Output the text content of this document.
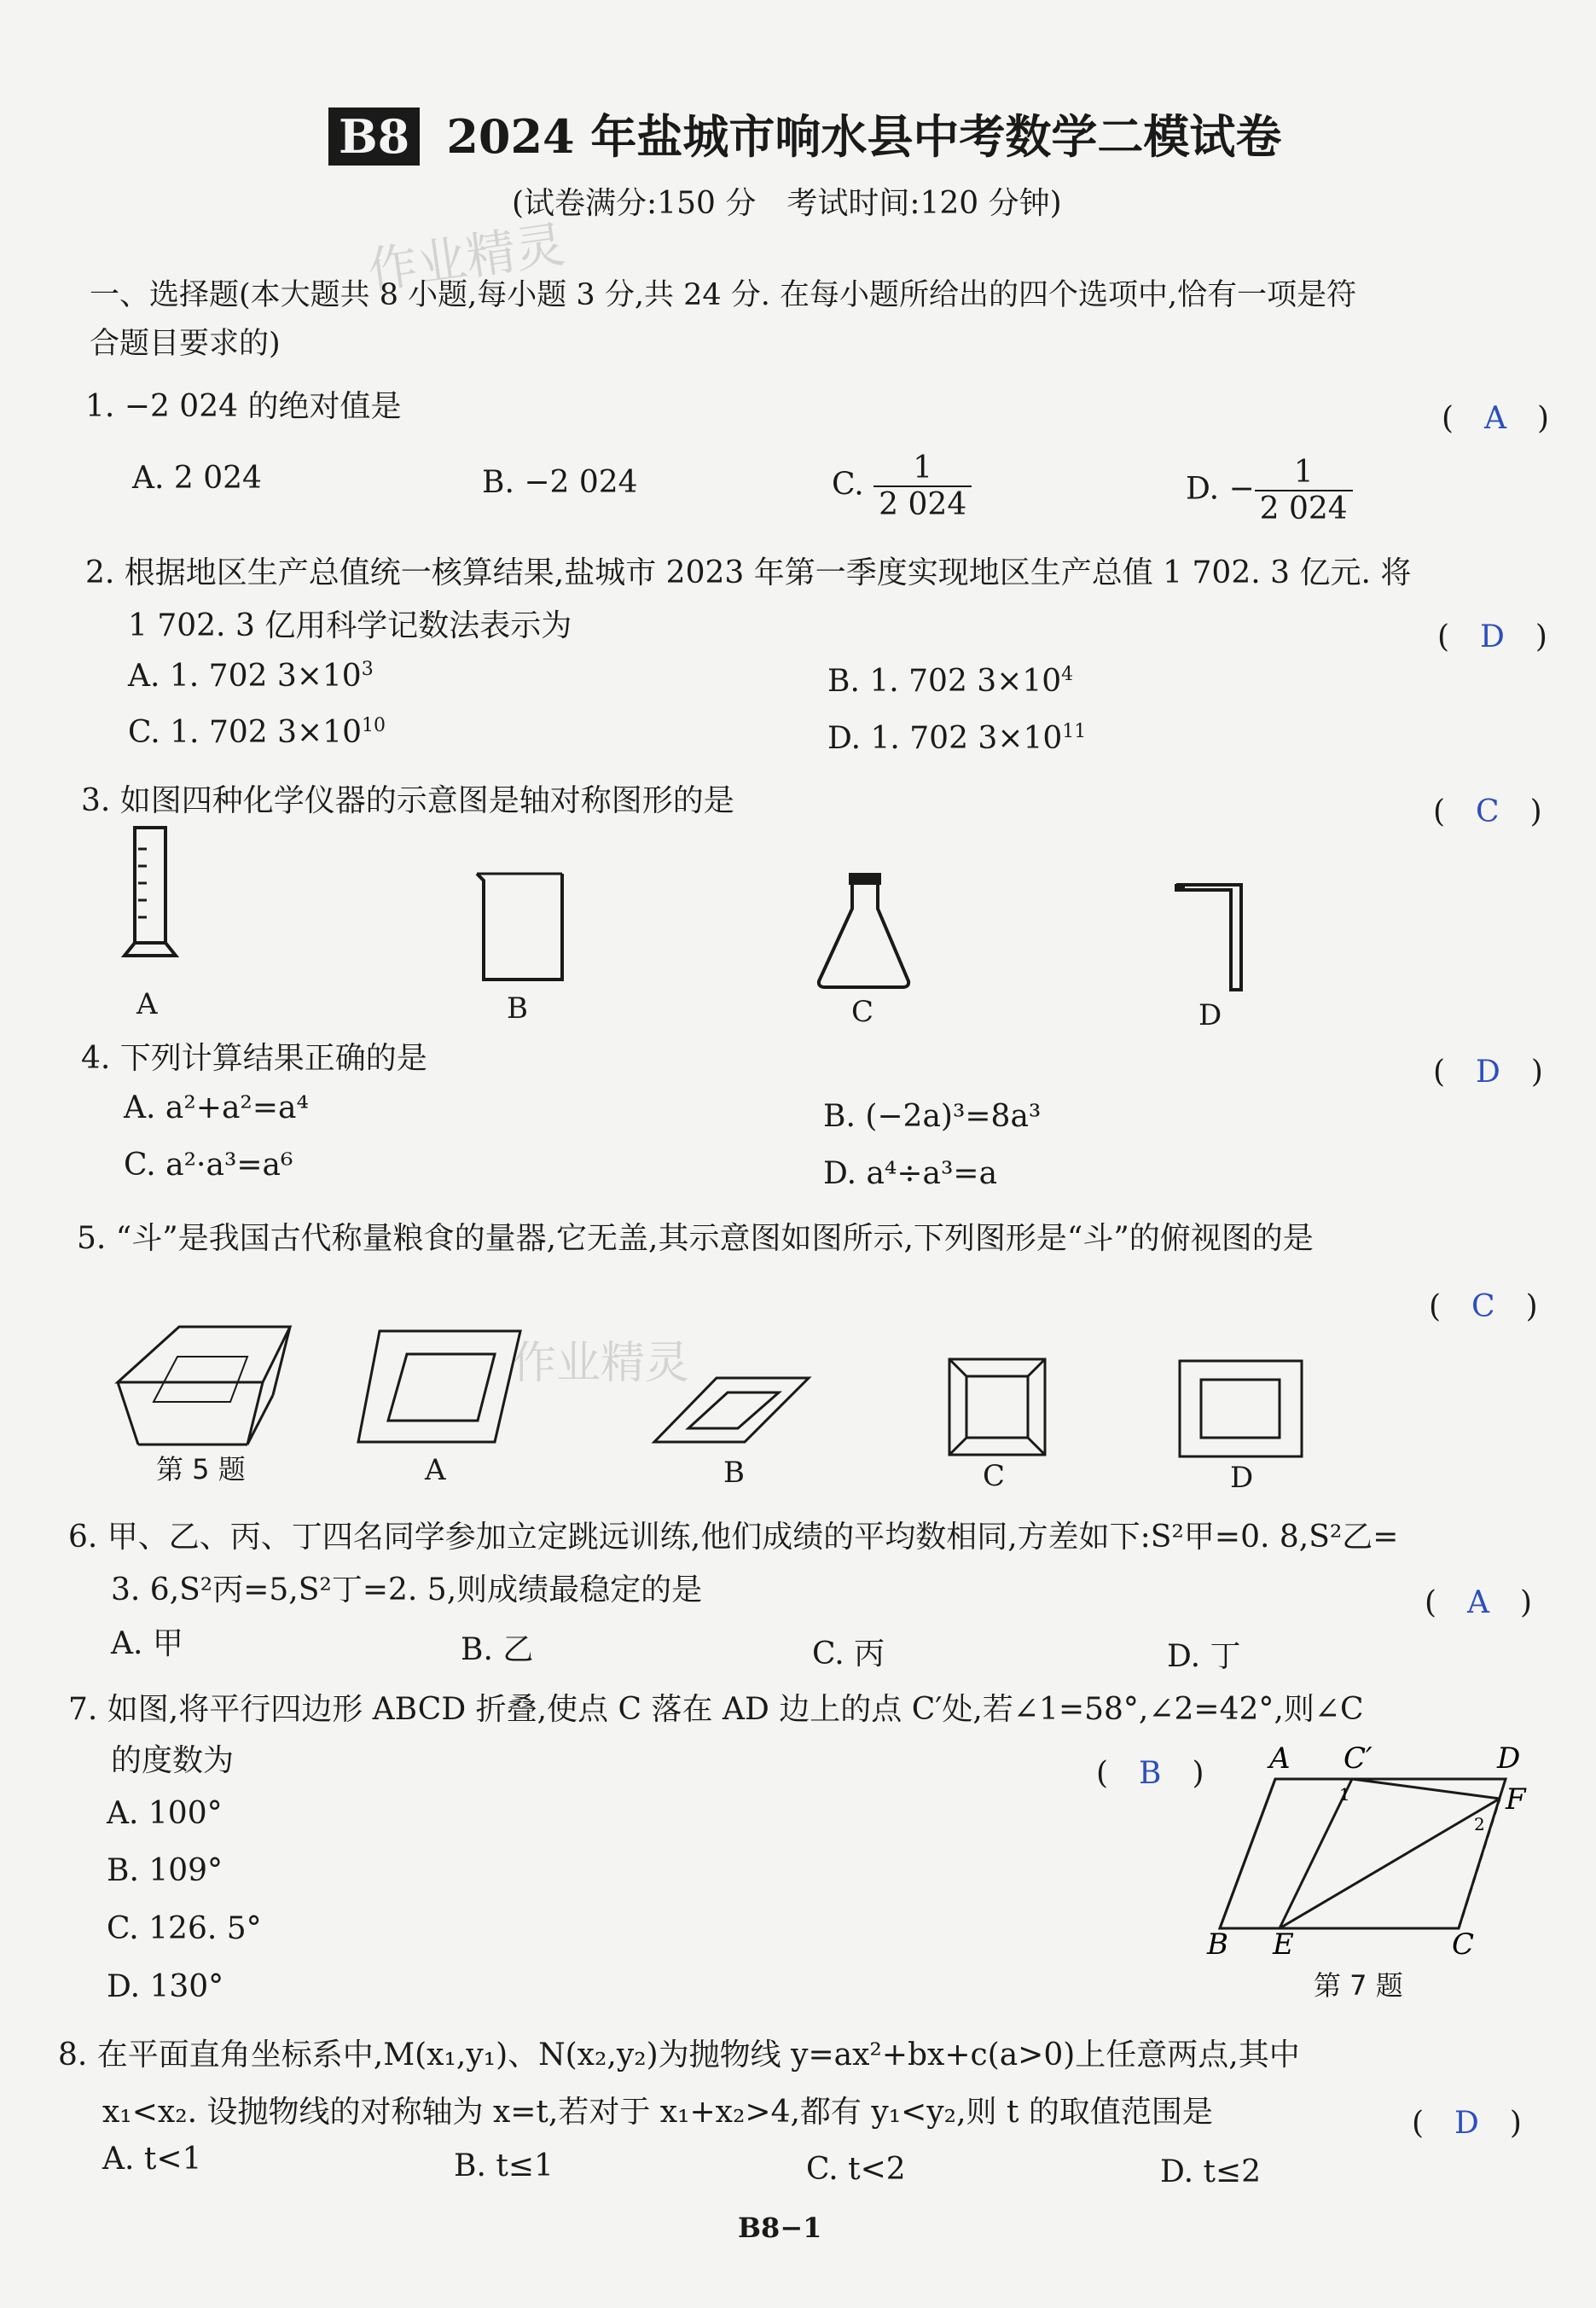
B8 2024 年盐城市响水县中考数学二模试卷
(试卷满分:150 分　考试时间:120 分钟)
作业精灵
一、选择题(本大题共 8 小题,每小题 3 分,共 24 分. 在每小题所给出的四个选项中,恰有一项是符
合题目要求的)
1. −2 024 的绝对值是	(　A　)
A. 2 024	B. −2 024	C. $\frac{1}{2 024}$	D. − $\frac{1}{2 024}$
2. 根据地区生产总值统一核算结果,盐城市 2023 年第一季度实现地区生产总值 1 702. 3 亿元. 将
1 702. 3 亿用科学记数法表示为	(　D　)
A. 1. 702 $3\times 10^3$	B. 1. 702 $3\times 10^4$
C. 1. 702 $3\times 10^{10}$	D. 1. 702 $3\times 10^{11}$
3. 如图四种化学仪器的示意图是轴对称图形的是	(　C　)
A	B	C	D
4. 下列计算结果正确的是	(　D　)
A. a²+a²=a⁴	B. (−2a)³=8a³
C. a²·a³=a⁶	D. a⁴÷a³=a
5. “斗”是我国古代称量粮食的量器,它无盖,其示意图如图所示,下列图形是“斗”的俯视图的是
(　C　)
第 5 题	A	B
作业精灵
C	D
6. 甲、乙、丙、丁四名同学参加立定跳远训练,他们成绩的平均数相同,方差如下:S²甲=0. 8,S²乙=
3. 6,S²丙=5,S²丁=2. 5,则成绩最稳定的是	(　A　)
A. 甲	B. 乙	C. 丙	D. 丁
7. 如图,将平行四边形 ABCD 折叠,使点 C 落在 AD 边上的点 C′处,若∠1=58°,∠2=42°,则∠C
的度数为	(　B　)
A. 100°
B. 109°
C. 126. 5°
D. 130°
A C′	D
F
B E	C
1
2
第 7 题
8. 在平面直角坐标系中,M(x₁,y₁)、N(x₂,y₂)为抛物线 y=ax²+bx+c(a>0)上任意两点,其中
x₁<x₂. 设抛物线的对称轴为 x=t,若对于 x₁+x₂>4,都有 y₁<y₂,则 t 的取值范围是	(　D　)
A. t<1	B. t≤1	C. t<2	D. t≤2
B8−1
